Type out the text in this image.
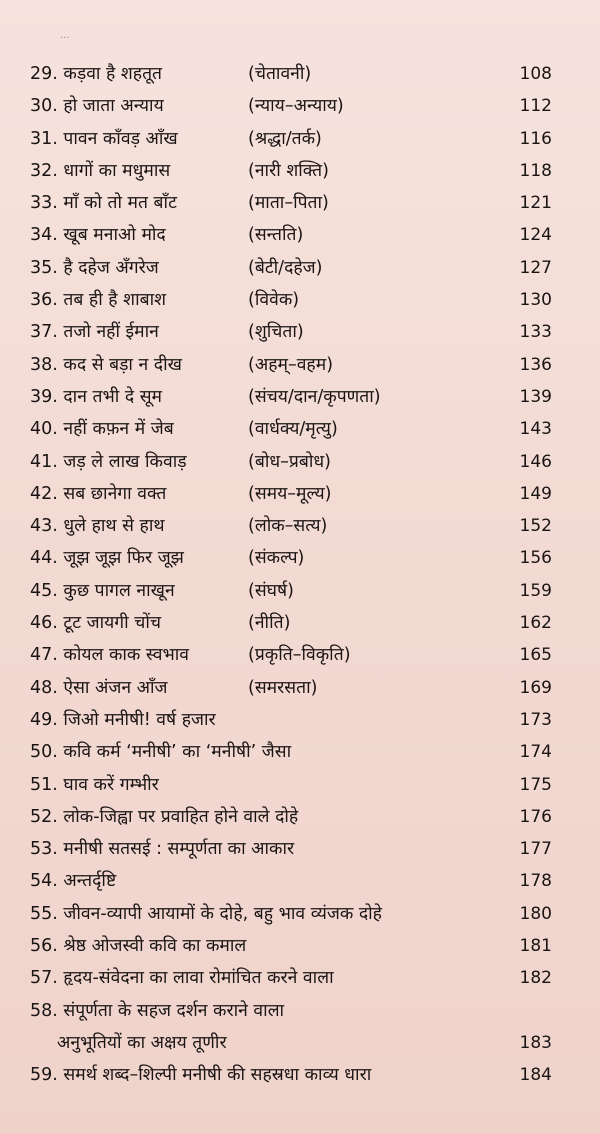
...
29. कड़वा है शहतूत	(चेतावनी)	108
30. हो जाता अन्याय	(न्याय–अन्याय)	112
31. पावन काँवड़ आँख	(श्रद्धा/तर्क)	116
32. धागों का मधुमास	(नारी शक्ति)	118
33. माँ को तो मत बाँट	(माता–पिता)	121
34. खूब मनाओ मोद	(सन्तति)	124
35. है दहेज अँगरेज	(बेटी/दहेज)	127
36. तब ही है शाबाश	(विवेक)	130
37. तजो नहीं ईमान	(शुचिता)	133
38. कद से बड़ा न दीख	(अहम्–वहम)	136
39. दान तभी दे सूम	(संचय/दान/कृपणता)	139
40. नहीं कफ़न में जेब	(वार्धक्य/मृत्यु)	143
41. जड़ ले लाख किवाड़	(बोध–प्रबोध)	146
42. सब छानेगा वक्त	(समय–मूल्य)	149
43. धुले हाथ से हाथ	(लोक–सत्य)	152
44. जूझ जूझ फिर जूझ	(संकल्प)	156
45. कुछ पागल नाखून	(संघर्ष)	159
46. टूट जायगी चोंच	(नीति)	162
47. कोयल काक स्वभाव	(प्रकृति–विकृति)	165
48. ऐसा अंजन आँज	(समरसता)	169
49. जिओ मनीषी! वर्ष हजार	173
50. कवि कर्म ‘मनीषी’ का ‘मनीषी’ जैसा	174
51. घाव करें गम्भीर	175
52. लोक-जिह्वा पर प्रवाहित होने वाले दोहे	176
53. मनीषी सतसई : सम्पूर्णता का आकार	177
54. अन्तर्दृष्टि	178
55. जीवन-व्यापी आयामों के दोहे, बहु भाव व्यंजक दोहे	180
56. श्रेष्ठ ओजस्वी कवि का कमाल	181
57. हृदय-संवेदना का लावा रोमांचित करने वाला	182
58. संपूर्णता के सहज दर्शन कराने वाला
अनुभूतियों का अक्षय तूणीर	183
59. समर्थ शब्द–शिल्पी मनीषी की सहस्रधा काव्य धारा	184
